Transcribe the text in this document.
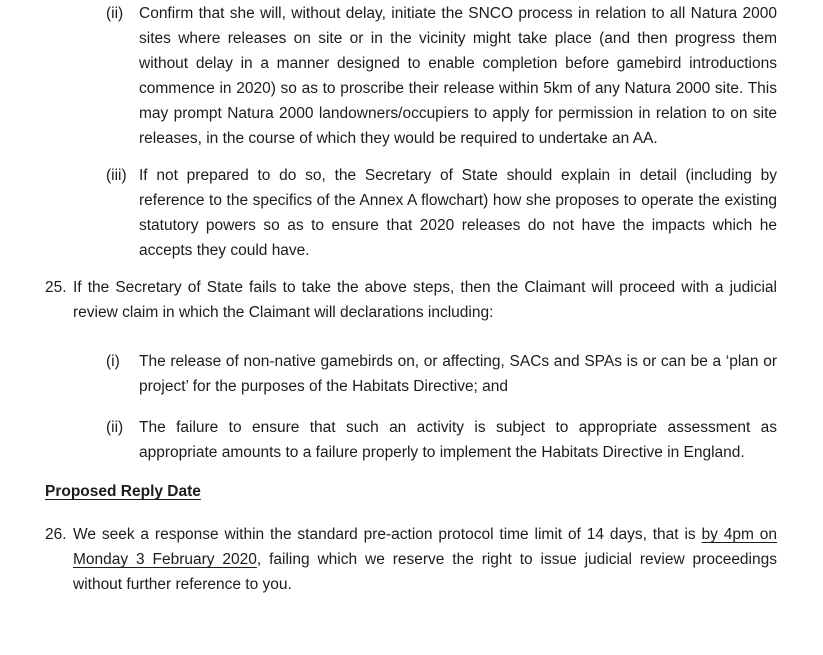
(ii) Confirm that she will, without delay, initiate the SNCO process in relation to all Natura 2000 sites where releases on site or in the vicinity might take place (and then progress them without delay in a manner designed to enable completion before gamebird introductions commence in 2020) so as to proscribe their release within 5km of any Natura 2000 site. This may prompt Natura 2000 landowners/occupiers to apply for permission in relation to on site releases, in the course of which they would be required to undertake an AA.

(iii) If not prepared to do so, the Secretary of State should explain in detail (including by reference to the specifics of the Annex A flowchart) how she proposes to operate the existing statutory powers so as to ensure that 2020 releases do not have the impacts which he accepts they could have.

25. If the Secretary of State fails to take the above steps, then the Claimant will proceed with a judicial review claim in which the Claimant will declarations including:

(i) The release of non-native gamebirds on, or affecting, SACs and SPAs is or can be a ‘plan or project’ for the purposes of the Habitats Directive; and

(ii) The failure to ensure that such an activity is subject to appropriate assessment as appropriate amounts to a failure properly to implement the Habitats Directive in England.

Proposed Reply Date
26. We seek a response within the standard pre-action protocol time limit of 14 days, that is by 4pm on Monday 3 February 2020, failing which we reserve the right to issue judicial review proceedings without further reference to you.
